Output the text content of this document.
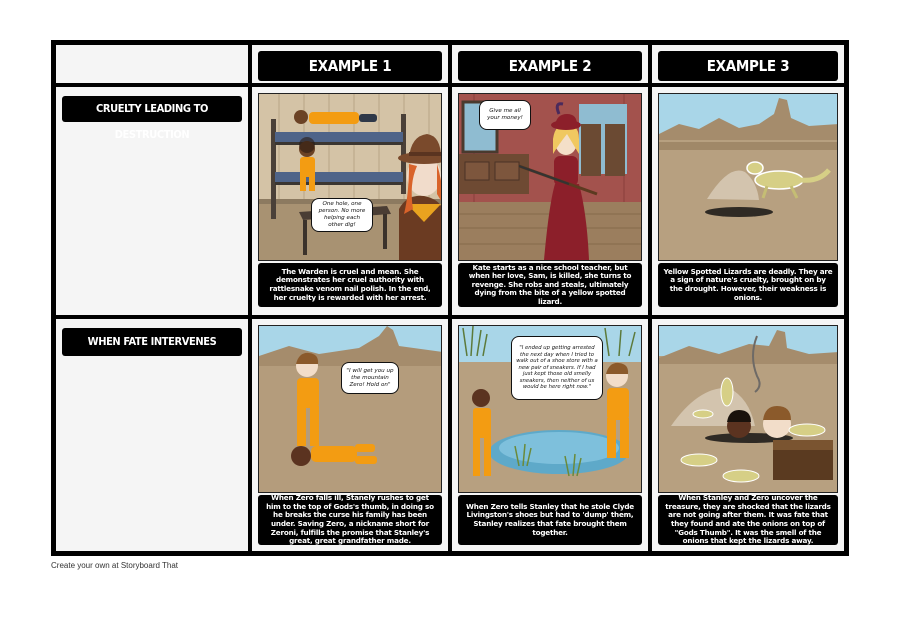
EXAMPLE 1	EXAMPLE 2	EXAMPLE 3
CRUELTY LEADING TO DESTRUCTION
One hole, one person. No more helping each other dig!
The Warden is cruel and mean. She demonstrates her cruel authority with rattlesnake venom nail polish. In the end, her cruelty is rewarded with her arrest.
Give me all your money!
Kate starts as a nice school teacher, but when her love, Sam, is killed, she turns to revenge. She robs and steals, ultimately dying from the bite of a yellow spotted lizard.
Yellow Spotted Lizards are deadly. They are a sign of nature's cruelty, brought on by the drought. However, their weakness is onions.
WHEN FATE INTERVENES
"I will get you up the mountain Zero! Hold on"
When Zero falls ill, Stanely rushes to get him to the top of Gods's thumb, in doing so he breaks the curse his family has been under. Saving Zero, a nickname short for Zeroni, fulfills the promise that Stanley's great, great grandfather made.
"I ended up getting arrested the next day when I tried to walk out of a shoe store with a new pair of sneakers. If I had just kept those old smelly sneakers, then neither of us would be here right now."
When Zero tells Stanley that he stole Clyde Livingston's shoes but had to 'dump' them, Stanley realizes that fate brought them together.
When Stanley and Zero uncover the treasure, they are shocked that the lizards are not going after them. It was fate that they found and ate the onions on top of "Gods Thumb". It was the smell of the onions that kept the lizards away.
Create your own at Storyboard That
